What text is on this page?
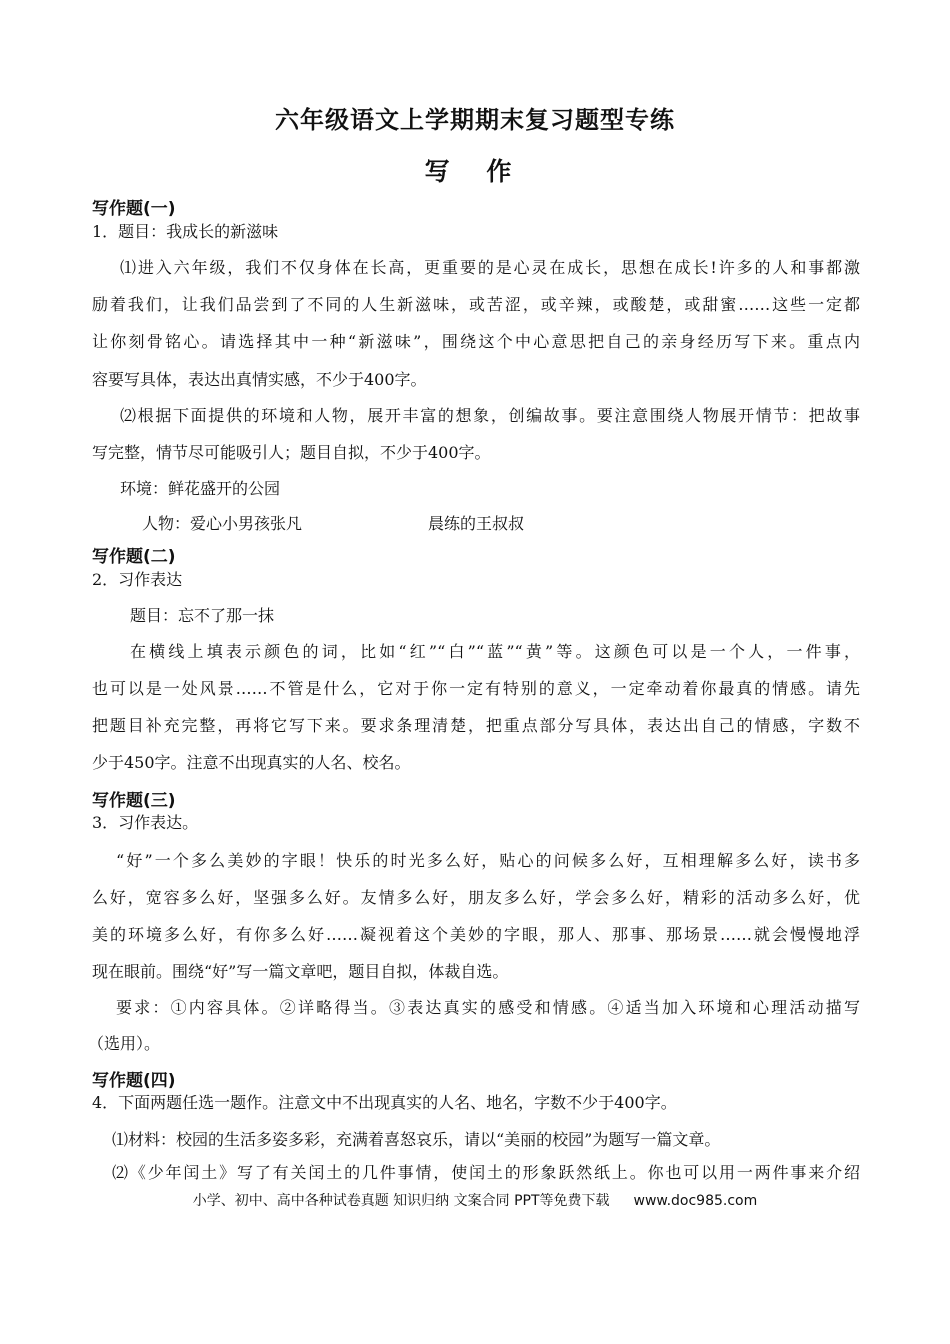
六年级语文上学期期末复习题型专练
写 作
写作题(一)
1．题目：我成长的新滋味
⑴进入六年级，我们不仅身体在长高，更重要的是心灵在成长，思想在成长!许多的人和事都激
励着我们，让我们品尝到了不同的人生新滋味，或苦涩，或辛辣，或酸楚，或甜蜜……这些一定都
让你刻骨铭心。请选择其中一种“新滋味”，围绕这个中心意思把自己的亲身经历写下来。重点内
容要写具体，表达出真情实感，不少于400字。
⑵根据下面提供的环境和人物，展开丰富的想象，创编故事。要注意围绕人物展开情节：把故事
写完整，情节尽可能吸引人；题目自拟，不少于400字。
环境：鲜花盛开的公园
人物：爱心小男孩张凡	晨练的王叔叔
写作题(二)
2．习作表达
题目：忘不了那一抹
在横线上填表示颜色的词，比如“红”“白”“蓝”“黄”等。这颜色可以是一个人，一件事，
也可以是一处风景……不管是什么，它对于你一定有特别的意义，一定牵动着你最真的情感。请先
把题目补充完整，再将它写下来。要求条理清楚，把重点部分写具体，表达出自己的情感，字数不
少于450字。注意不出现真实的人名、校名。
写作题(三)
3．习作表达。
“好”一个多么美妙的字眼！快乐的时光多么好，贴心的问候多么好，互相理解多么好，读书多
么好，宽容多么好，坚强多么好。友情多么好，朋友多么好，学会多么好，精彩的活动多么好，优
美的环境多么好，有你多么好……凝视着这个美妙的字眼，那人、那事、那场景……就会慢慢地浮
现在眼前。围绕“好”写一篇文章吧，题目自拟，体裁自选。
要求：①内容具体。②详略得当。③表达真实的感受和情感。④适当加入环境和心理活动描写
（选用）。
写作题(四)
4．下面两题任选一题作。注意文中不出现真实的人名、地名，字数不少于400字。
⑴材料：校园的生活多姿多彩，充满着喜怒哀乐，请以“美丽的校园”为题写一篇文章。
⑵《少年闰土》写了有关闰土的几件事情，使闰土的形象跃然纸上。你也可以用一两件事来介绍
小学、初中、高中各种试卷真题 知识归纳 文案合同 PPT等免费下载 www.doc985.com
